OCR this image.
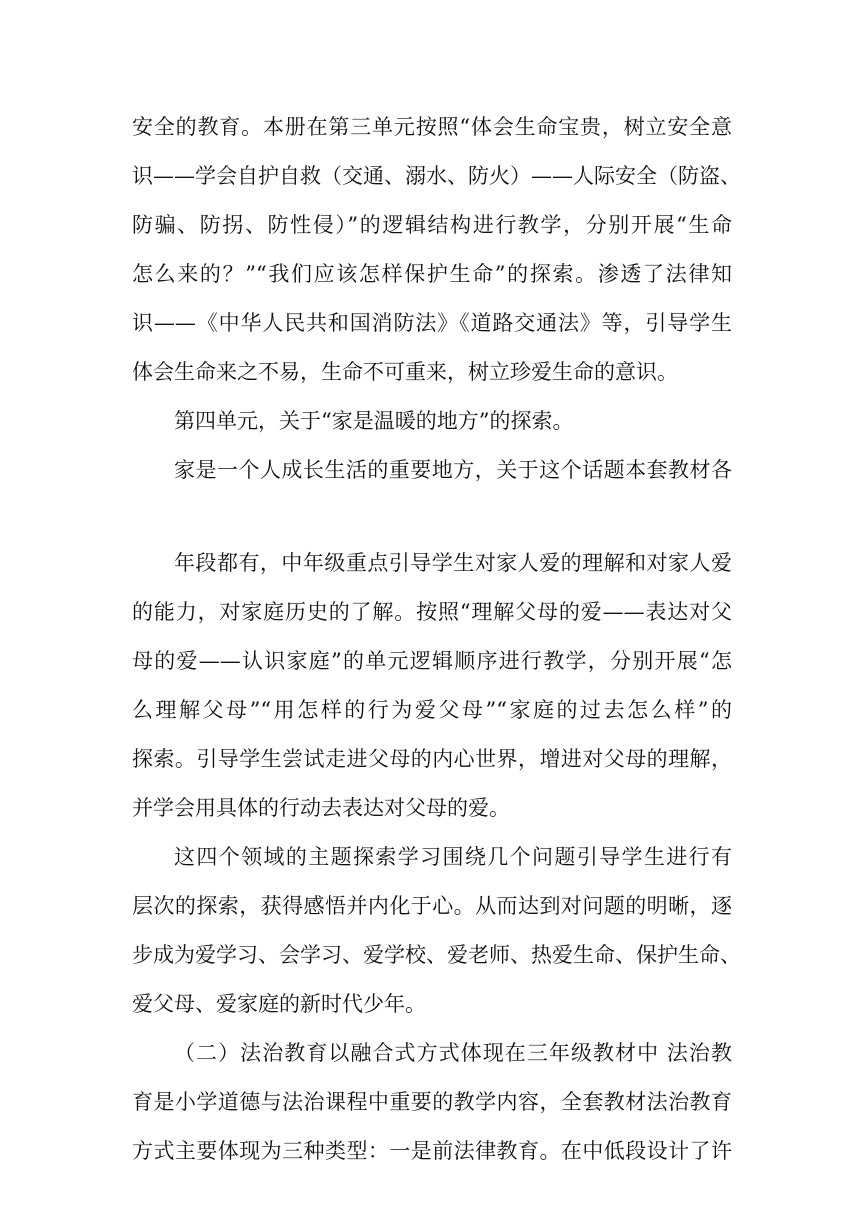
安全的教育。本册在第三单元按照“体会生命宝贵，树立安全意
识——学会自护自救（交通、溺水、防火）——人际安全（防盗、
防骗、防拐、防性侵）”的逻辑结构进行教学，分别开展“生命
怎么来的？”“我们应该怎样保护生命”的探索。渗透了法律知
识——《中华人民共和国消防法》《道路交通法》等，引导学生
体会生命来之不易，生命不可重来，树立珍爱生命的意识。
第四单元，关于“家是温暖的地方”的探索。
家是一个人成长生活的重要地方，关于这个话题本套教材各
年段都有，中年级重点引导学生对家人爱的理解和对家人爱
的能力，对家庭历史的了解。按照“理解父母的爱——表达对父
母的爱——认识家庭”的单元逻辑顺序进行教学，分别开展“怎
么理解父母”“用怎样的行为爱父母”“家庭的过去怎么样”的
探索。引导学生尝试走进父母的内心世界，增进对父母的理解，
并学会用具体的行动去表达对父母的爱。
这四个领域的主题探索学习围绕几个问题引导学生进行有
层次的探索，获得感悟并内化于心。从而达到对问题的明晰，逐
步成为爱学习、会学习、爱学校、爱老师、热爱生命、保护生命、
爱父母、爱家庭的新时代少年。
（二）法治教育以融合式方式体现在三年级教材中 法治教
育是小学道德与法治课程中重要的教学内容，全套教材法治教育
方式主要体现为三种类型：一是前法律教育。在中低段设计了许
